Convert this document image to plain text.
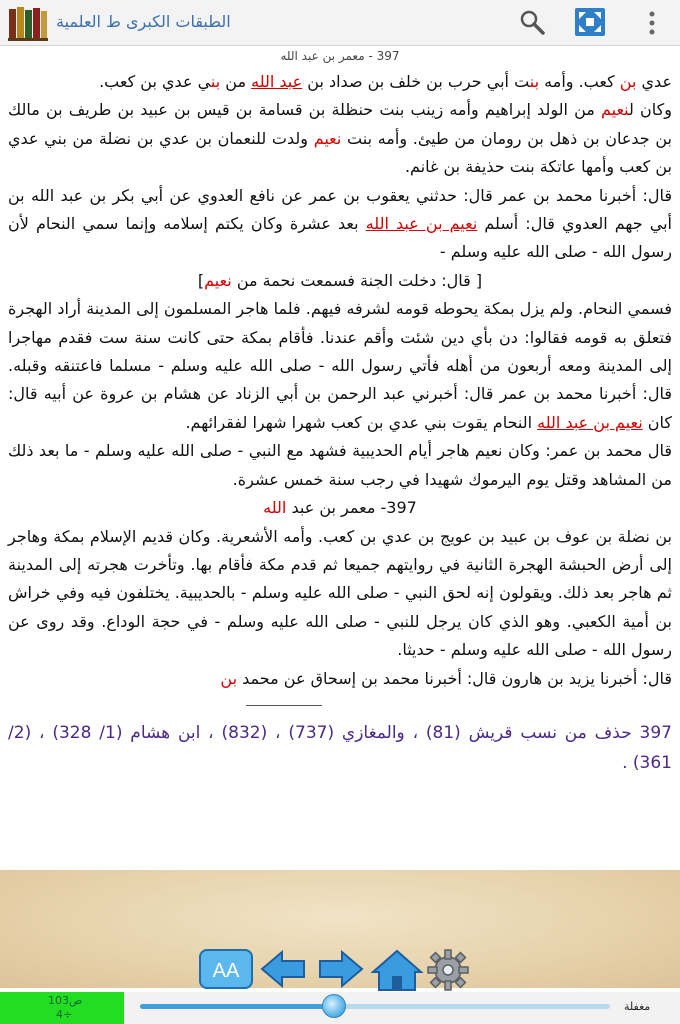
الطبقات الكبرى ط العلمية
397 - معمر بن عبد الله

عدي بن كعب. وأمه بنت أبي حرب بن خلف بن صداد بن عبد الله من بني عدي بن كعب.

وكان لنعيم من الولد إبراهيم وأمه زينب بنت حنظلة بن قسامة بن قيس بن عبيد بن طريف بن مالك بن جدعان بن ذهل بن رومان من طيئ. وأمه بنت نعيم ولدت للنعمان بن عدي بن نضلة من بني عدي بن كعب وأمها عاتكة بنت حذيفة بن غانم.

قال: أخبرنا محمد بن عمر قال: حدثني يعقوب بن عمر عن نافع العدوي عن أبي بكر بن عبد الله بن أبي جهم العدوي قال: أسلم نعيم بن عبد الله بعد عشرة وكان يكتم إسلامه وإنما سمي النحام لأن رسول الله - صلى الله عليه وسلم -

[ قال: دخلت الجنة فسمعت نحمة من نعيم]

فسمي النحام. ولم يزل بمكة يحوطه قومه لشرفه فيهم. فلما هاجر المسلمون إلى المدينة أراد الهجرة فتعلق به قومه فقالوا: دن بأي دين شئت وأقم عندنا. فأقام بمكة حتى كانت سنة ست فقدم مهاجرا إلى المدينة ومعه أربعون من أهله فأتي رسول الله - صلى الله عليه وسلم - مسلما فاعتنقه وقبله. قال: أخبرنا محمد بن عمر قال: أخبرني عبد الرحمن بن أبي الزناد عن هشام بن عروة عن أبيه قال: كان نعيم بن عبد الله النحام يقوت بني عدي بن كعب شهرا شهرا لفقرائهم.

قال محمد بن عمر: وكان نعيم هاجر أيام الحديبية فشهد مع النبي - صلى الله عليه وسلم - ما بعد ذلك من المشاهد وقتل يوم اليرموك شهيدا في رجب سنة خمس عشرة.

397- معمر بن عبد الله

بن نضلة بن عوف بن عبيد بن عويج بن عدي بن كعب. وأمه الأشعرية. وكان قديم الإسلام بمكة وهاجر إلى أرض الحبشة الهجرة الثانية في روايتهم جميعا ثم قدم مكة فأقام بها. وتأخرت هجرته إلى المدينة ثم هاجر بعد ذلك. ويقولون إنه لحق النبي - صلى الله عليه وسلم - بالحديبية. يختلفون فيه وفي خراش بن أمية الكعبي. وهو الذي كان يرجل للنبي - صلى الله عليه وسلم - في حجة الوداع. وقد روى عن رسول الله - صلى الله عليه وسلم - حديثا.

قال: أخبرنا يزيد بن هارون قال: أخبرنا محمد بن إسحاق عن محمد بن

397 حذف من نسب قريش (81) ، والمغازي (737) ، (832) ، ابن هشام (1/ 328) ، (2/ 361) .

AA
ص103
4÷
مغفلة
